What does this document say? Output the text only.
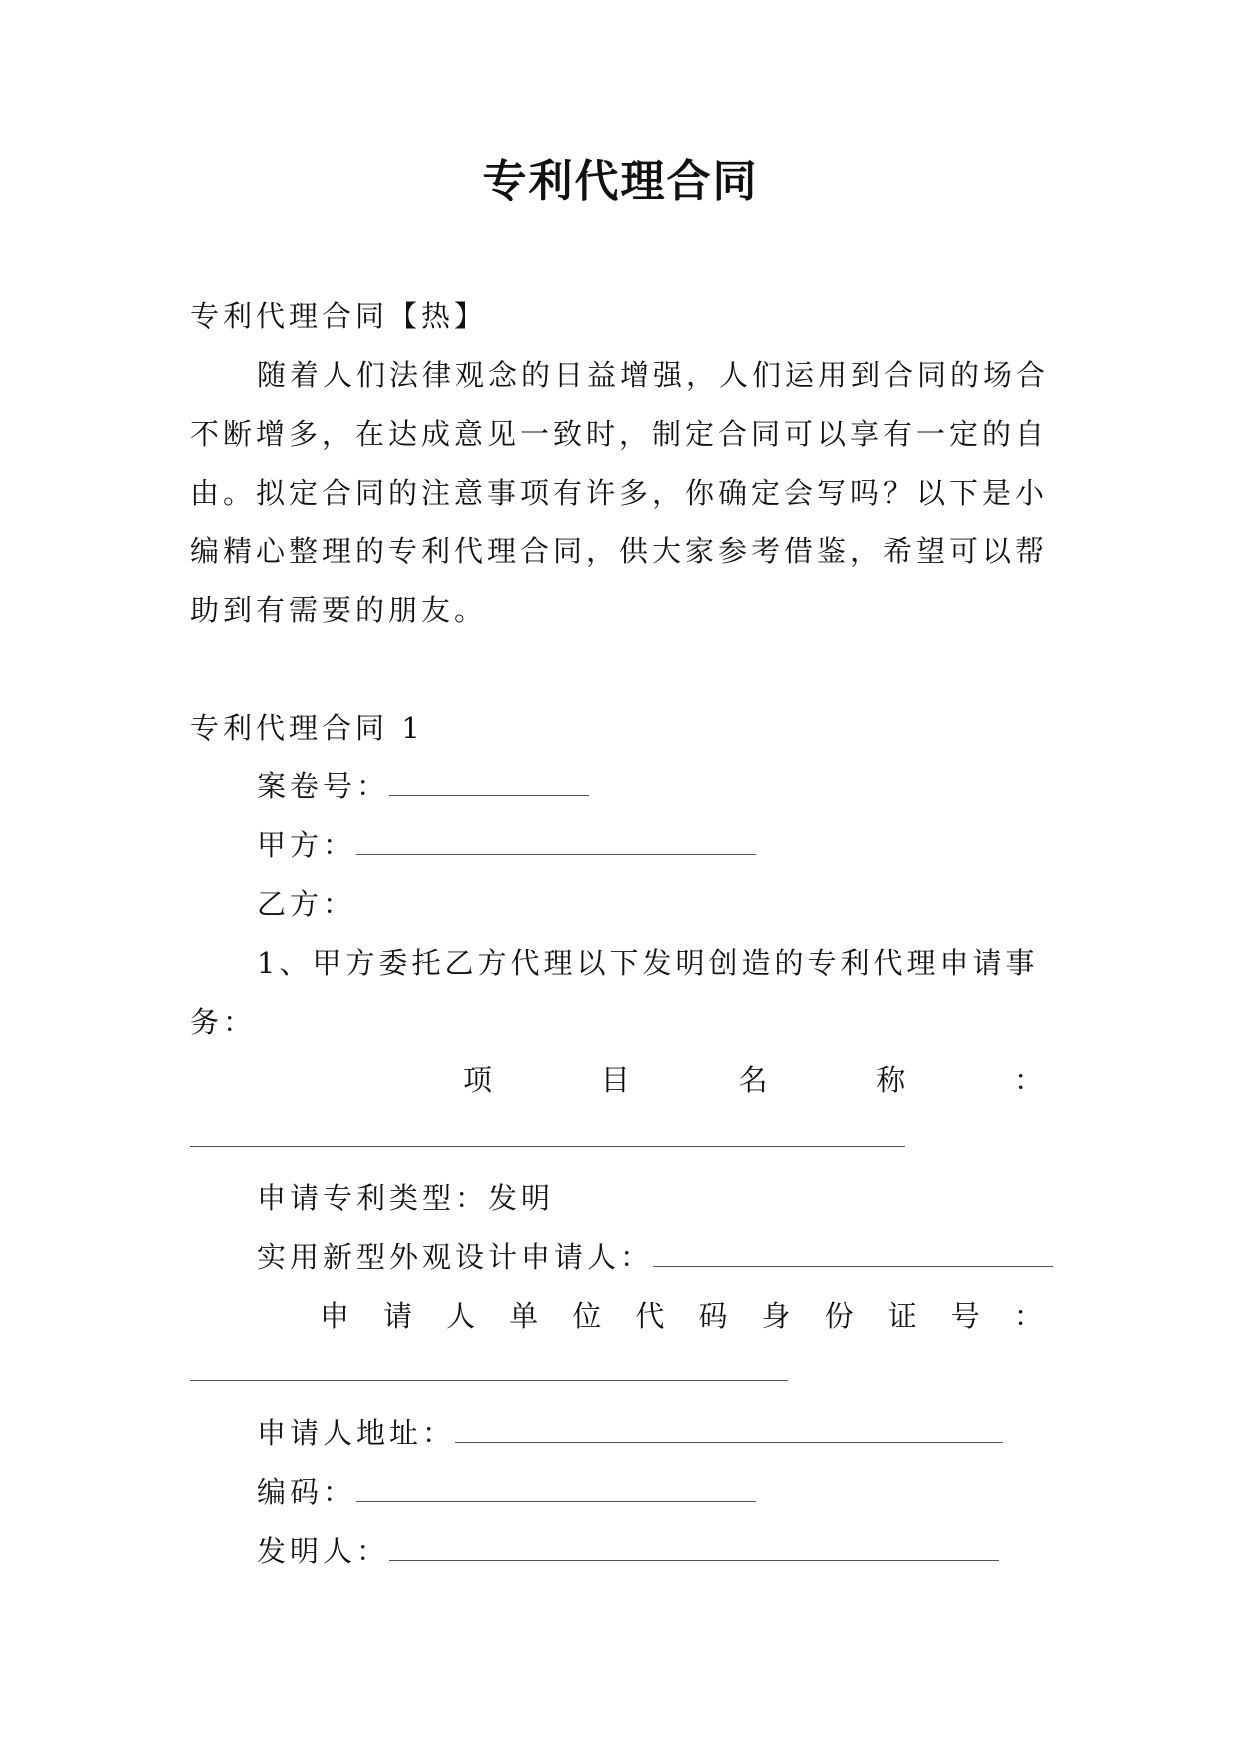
专利代理合同
专利代理合同【热】
随着人们法律观念的日益增强，人们运用到合同的场合
不断增多，在达成意见一致时，制定合同可以享有一定的自
由。拟定合同的注意事项有许多，你确定会写吗？以下是小
编精心整理的专利代理合同，供大家参考借鉴，希望可以帮
助到有需要的朋友。
专利代理合同 1
案卷号：
甲方：
乙方：
1、甲方委托乙方代理以下发明创造的专利代理申请事
务：
项	目	名	称	：
申请专利类型：发明
实用新型外观设计申请人：
申 请 人 单 位 代 码 身 份 证 号 ：
申请人地址：
编码：
发明人：
